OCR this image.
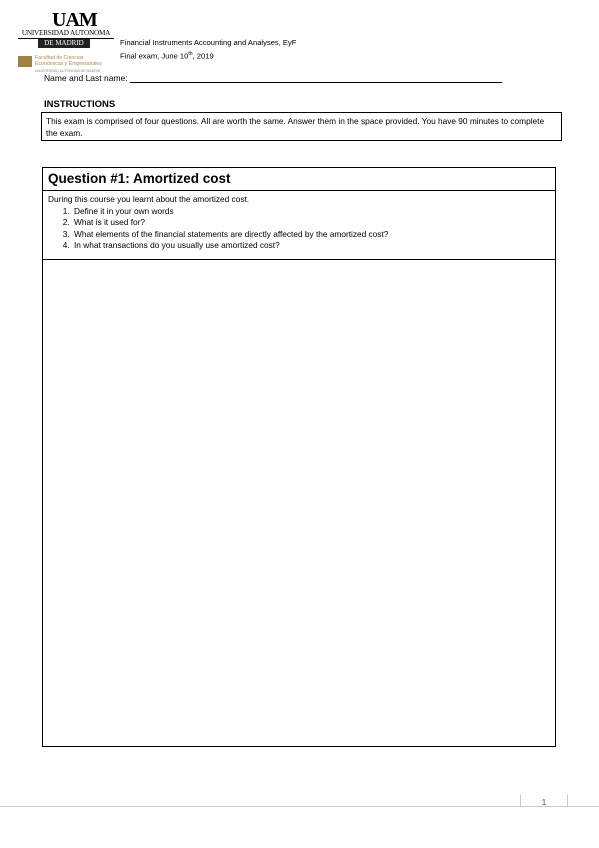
UAM
UNIVERSIDAD AUTONOMA
DE MADRID
Facultad de Ciencias
Económicas y Empresariales
UNIVERSIDAD AUTONOMA DE MADRID
Financial Instruments Accounting and Analyses, EyF
Final exam, June 10th, 2019
Name and Last name:
INSTRUCTIONS
This exam is comprised of four questions. All are worth the same. Answer them in the space provided. You have 90 minutes to complete the exam.
Question #1: Amortized cost
During this course you learnt about the amortized cost.
1. Define it in your own words
2. What is it used for?
3. What elements of the financial statements are directly affected by the amortized cost?
4. In what transactions do you usually use amortized cost?
1
